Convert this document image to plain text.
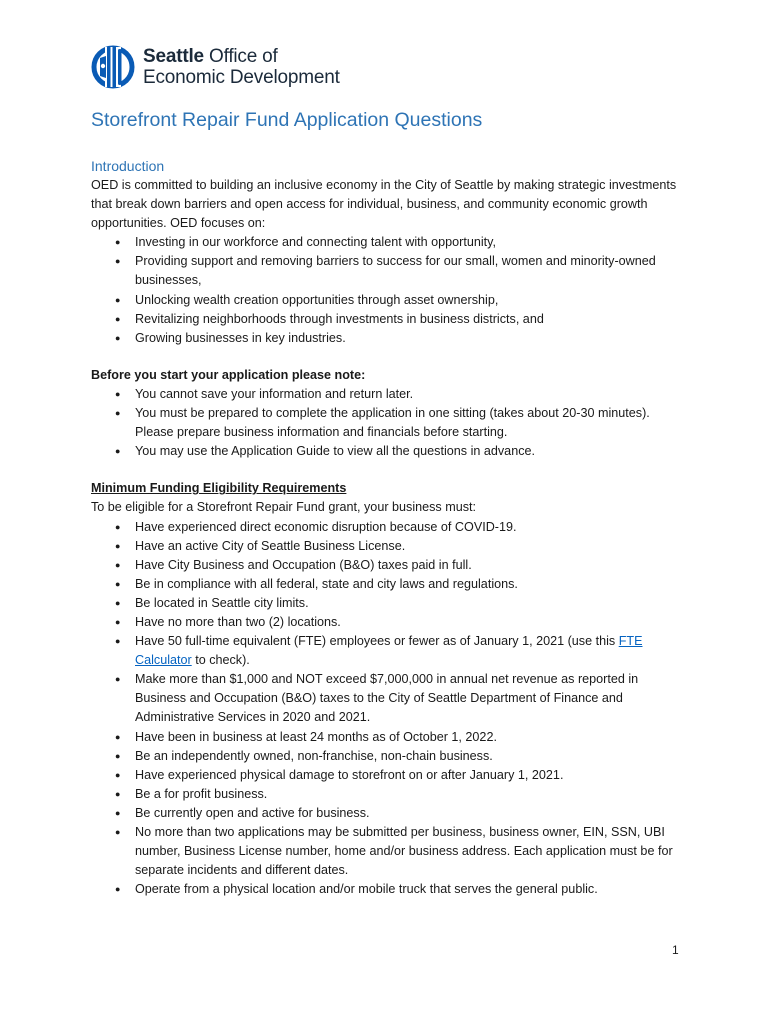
Seattle Office of
Economic Development
Storefront Repair Fund Application Questions
Introduction

OED is committed to building an inclusive economy in the City of Seattle by making strategic investments that break down barriers and open access for individual, business, and community economic growth opportunities. OED focuses on:

● Investing in our workforce and connecting talent with opportunity,
● Providing support and removing barriers to success for our small, women and minority-owned businesses,
● Unlocking wealth creation opportunities through asset ownership,
● Revitalizing neighborhoods through investments in business districts, and
● Growing businesses in key industries.

Before you start your application please note:

● You cannot save your information and return later.
● You must be prepared to complete the application in one sitting (takes about 20-30 minutes). Please prepare business information and financials before starting.
● You may use the Application Guide to view all the questions in advance.

Minimum Funding Eligibility Requirements

To be eligible for a Storefront Repair Fund grant, your business must:

● Have experienced direct economic disruption because of COVID-19.
● Have an active City of Seattle Business License.
● Have City Business and Occupation (B&O) taxes paid in full.
● Be in compliance with all federal, state and city laws and regulations.
● Be located in Seattle city limits.
● Have no more than two (2) locations.
● Have 50 full-time equivalent (FTE) employees or fewer as of January 1, 2021 (use this FTE Calculator to check).
● Make more than $1,000 and NOT exceed $7,000,000 in annual net revenue as reported in Business and Occupation (B&O) taxes to the City of Seattle Department of Finance and Administrative Services in 2020 and 2021.
● Have been in business at least 24 months as of October 1, 2022.
● Be an independently owned, non-franchise, non-chain business.
● Have experienced physical damage to storefront on or after January 1, 2021.
● Be a for profit business.
● Be currently open and active for business.
● No more than two applications may be submitted per business, business owner, EIN, SSN, UBI number, Business License number, home and/or business address. Each application must be for separate incidents and different dates.
● Operate from a physical location and/or mobile truck that serves the general public.
1
